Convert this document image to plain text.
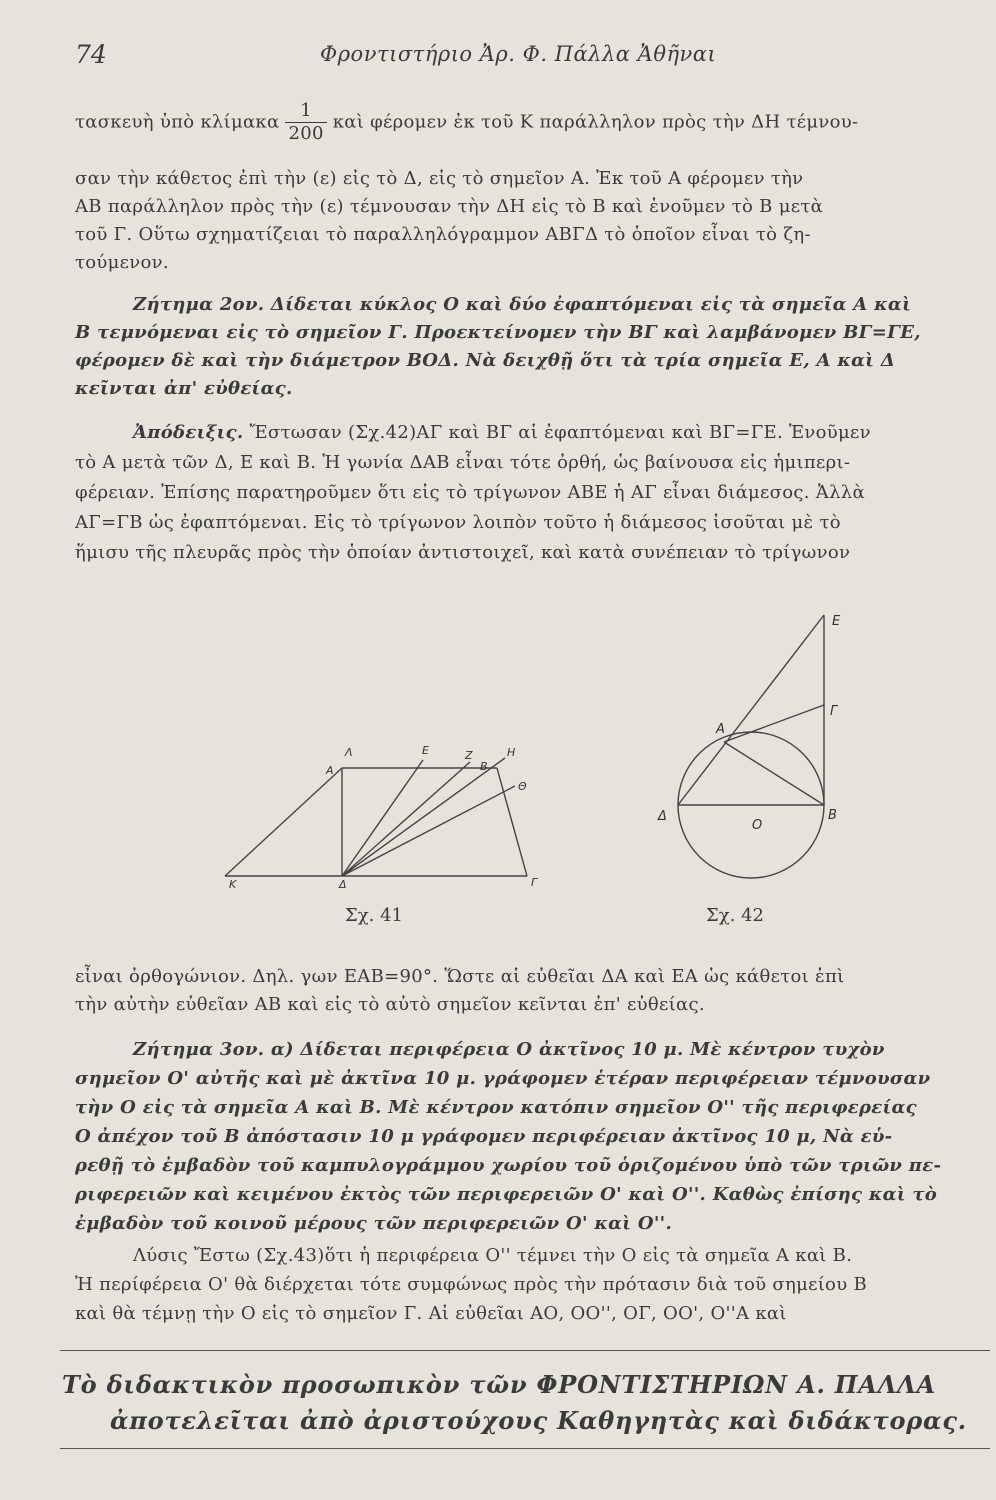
74	Φροντιστήριο Ἀρ. Φ. Πάλλα Ἀθῆναι
τασκευὴ ὑπὸ κλίμακα $\frac{1}{200}$ καὶ φέρομεν ἐκ τοῦ Κ παράλληλον πρὸς τὴν ΔΗ τέμνου-
σαν τὴν κάθετος ἐπὶ τὴν (ε) εἰς τὸ Δ, εἰς τὸ σημεῖον Α. Ἐκ τοῦ Α φέρομεν τὴν
ΑΒ παράλληλον πρὸς τὴν (ε) τέμνουσαν τὴν ΔΗ εἰς τὸ Β καὶ ἑνοῦμεν τὸ Β μετὰ
τοῦ Γ. Οὕτω σχηματίζειαι τὸ παραλληλόγραμμον ΑΒΓΔ τὸ ὁποῖον εἶναι τὸ ζη-
τούμενον.
Ζήτημα 2ον. Δίδεται κύκλος Ο καὶ δύο ἐφαπτόμεναι εἰς τὰ σημεῖα Α καὶ
Β τεμνόμεναι εἰς τὸ σημεῖον Γ. Προεκτείνομεν τὴν ΒΓ καὶ λαμβάνομεν ΒΓ=ΓΕ,
φέρομεν δὲ καὶ τὴν διάμετρον ΒΟΔ. Νὰ δειχθῇ ὅτι τὰ τρία σημεῖα Ε, Α καὶ Δ
κεῖνται ἀπ' εὐθείας.
Ἀπόδειξις. Ἔστωσαν (Σχ.42)ΑΓ καὶ ΒΓ αἱ ἐφαπτόμεναι καὶ ΒΓ=ΓΕ. Ἑνοῦμεν
τὸ Α μετὰ τῶν Δ, Ε καὶ Β. Ἡ γωνία ΔΑΒ εἶναι τότε ὀρθή, ὡς βαίνουσα εἰς ἡμιπερι-
φέρειαν. Ἐπίσης παρατηροῦμεν ὅτι εἰς τὸ τρίγωνον ΑΒΕ ἡ ΑΓ εἶναι διάμεσος. Ἀλλὰ
ΑΓ=ΓΒ ὡς ἐφαπτόμεναι. Εἰς τὸ τρίγωνον λοιπὸν τοῦτο ἡ διάμεσος ἰσοῦται μὲ τὸ
ἥμισυ τῆς πλευρᾶς πρὸς τὴν ὁποίαν ἀντιστοιχεῖ, καὶ κατὰ συνέπειαν τὸ τρίγωνον
Α
Λ	Ε	Ζ
Β
Η
Θ
Κ	Δ	Γ
Σχ. 41
Ε
Α
Γ
Δ
Ο
Β
Σχ. 42
εἶναι ὀρθογώνιον. Δηλ. γων ΕΑΒ=90°. Ὥστε αἱ εὐθεῖαι ΔΑ καὶ ΕΑ ὡς κάθετοι ἐπὶ
τὴν αὐτὴν εὐθεῖαν ΑΒ καὶ εἰς τὸ αὐτὸ σημεῖον κεῖνται ἐπ' εὐθείας.
Ζήτημα 3ον. α) Δίδεται περιφέρεια Ο ἀκτῖνος 10 μ. Μὲ κέντρον τυχὸν
σημεῖον Ο' αὐτῆς καὶ μὲ ἀκτῖνα 10 μ. γράφομεν ἑτέραν περιφέρειαν τέμνουσαν
τὴν Ο εἰς τὰ σημεῖα Α καὶ Β. Μὲ κέντρον κατόπιν σημεῖον Ο'' τῆς περιφερείας
Ο ἀπέχον τοῦ Β ἀπόστασιν 10 μ γράφομεν περιφέρειαν ἀκτῖνος 10 μ, Νὰ εὑ-
ρεθῇ τὸ ἐμβαδὸν τοῦ καμπυλογράμμου χωρίου τοῦ ὁριζομένου ὑπὸ τῶν τριῶν πε-
ριφερειῶν καὶ κειμένου ἐκτὸς τῶν περιφερειῶν Ο' καὶ Ο''. Καθὼς ἐπίσης καὶ τὸ
ἐμβαδὸν τοῦ κοινοῦ μέρους τῶν περιφερειῶν Ο' καὶ Ο''.
Λύσις Ἔστω (Σχ.43)ὅτι ἡ περιφέρεια Ο'' τέμνει τὴν Ο εἰς τὰ σημεῖα Α καὶ Β.
Ἡ περίφέρεια Ο' θὰ διέρχεται τότε συμφώνως πρὸς τὴν πρότασιν διὰ τοῦ σημείου Β
καὶ θὰ τέμνῃ τὴν Ο εἰς τὸ σημεῖον Γ. Αἱ εὐθεῖαι ΑΟ, ΟΟ'', ΟΓ, ΟΟ', Ο''Α καὶ
Τὸ διδακτικὸν προσωπικὸν τῶν ΦΡΟΝΤΙΣΤΗΡΙΩΝ Α. ΠΑΛΛΑ
ἀποτελεῖται ἀπὸ ἀριστούχους Καθηγητὰς καὶ διδάκτορας.
